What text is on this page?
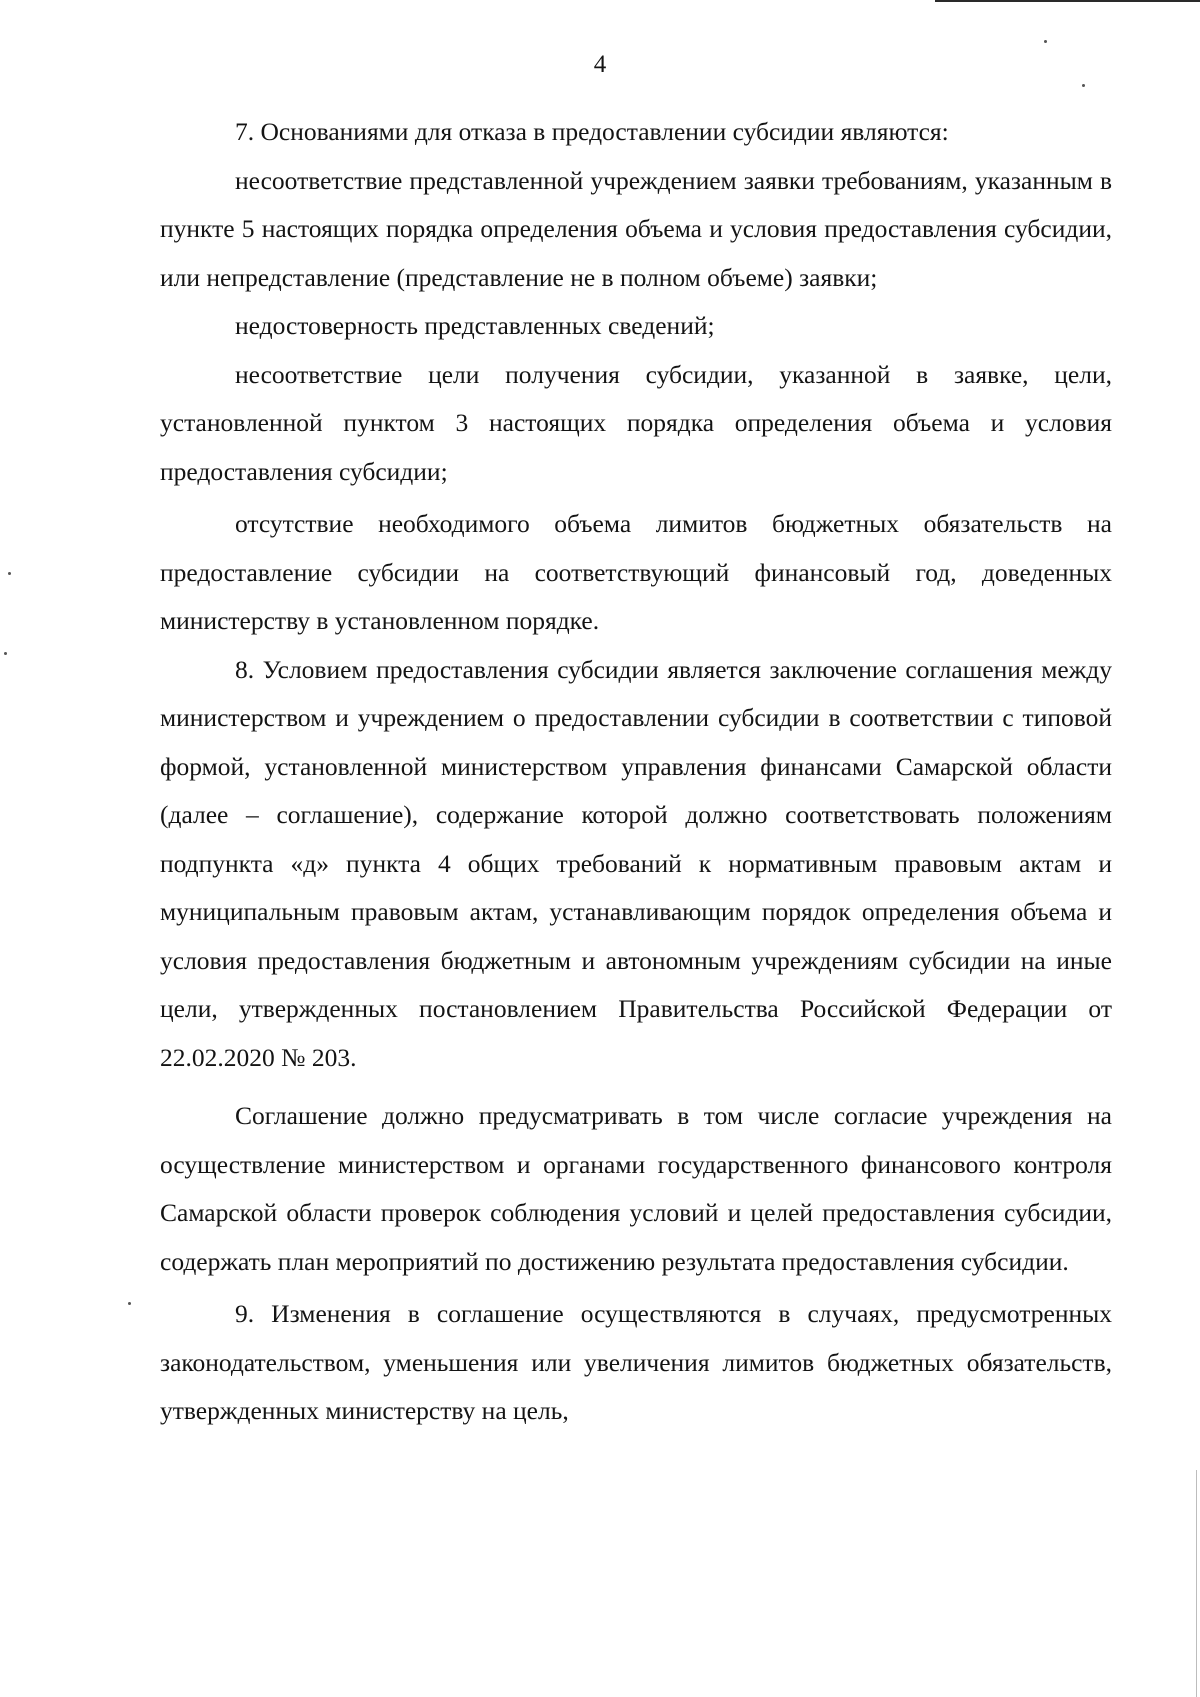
4

7. Основаниями для отказа в предоставлении субсидии являются:

несоответствие представленной учреждением заявки требованиям, указанным в пункте 5 настоящих порядка определения объема и условия предоставления субсидии, или непредставление (представление не в полном объеме) заявки;

недостоверность представленных сведений;

несоответствие цели получения субсидии, указанной в заявке, цели, установленной пунктом 3 настоящих порядка определения объема и условия предоставления субсидии;

отсутствие необходимого объема лимитов бюджетных обязательств на предоставление субсидии на соответствующий финансовый год, доведенных министерству в установленном порядке.

8. Условием предоставления субсидии является заключение соглашения между министерством и учреждением о предоставлении субсидии в соответствии с типовой формой, установленной министерством управления финансами Самарской области (далее – соглашение), содержание которой должно соответствовать положениям подпункта «д» пункта 4 общих требований к нормативным правовым актам и муниципальным правовым актам, устанавливающим порядок определения объема и условия предоставления бюджетным и автономным учреждениям субсидии на иные цели, утвержденных постановлением Правительства Российской Федерации от 22.02.2020 № 203.

Соглашение должно предусматривать в том числе согласие учреждения на осуществление министерством и органами государственного финансового контроля Самарской области проверок соблюдения условий и целей предоставления субсидии, содержать план мероприятий по достижению результата предоставления субсидии.

9. Изменения в соглашение осуществляются в случаях, предусмотренных законодательством, уменьшения или увеличения лимитов бюджетных обязательств, утвержденных министерству на цель,
